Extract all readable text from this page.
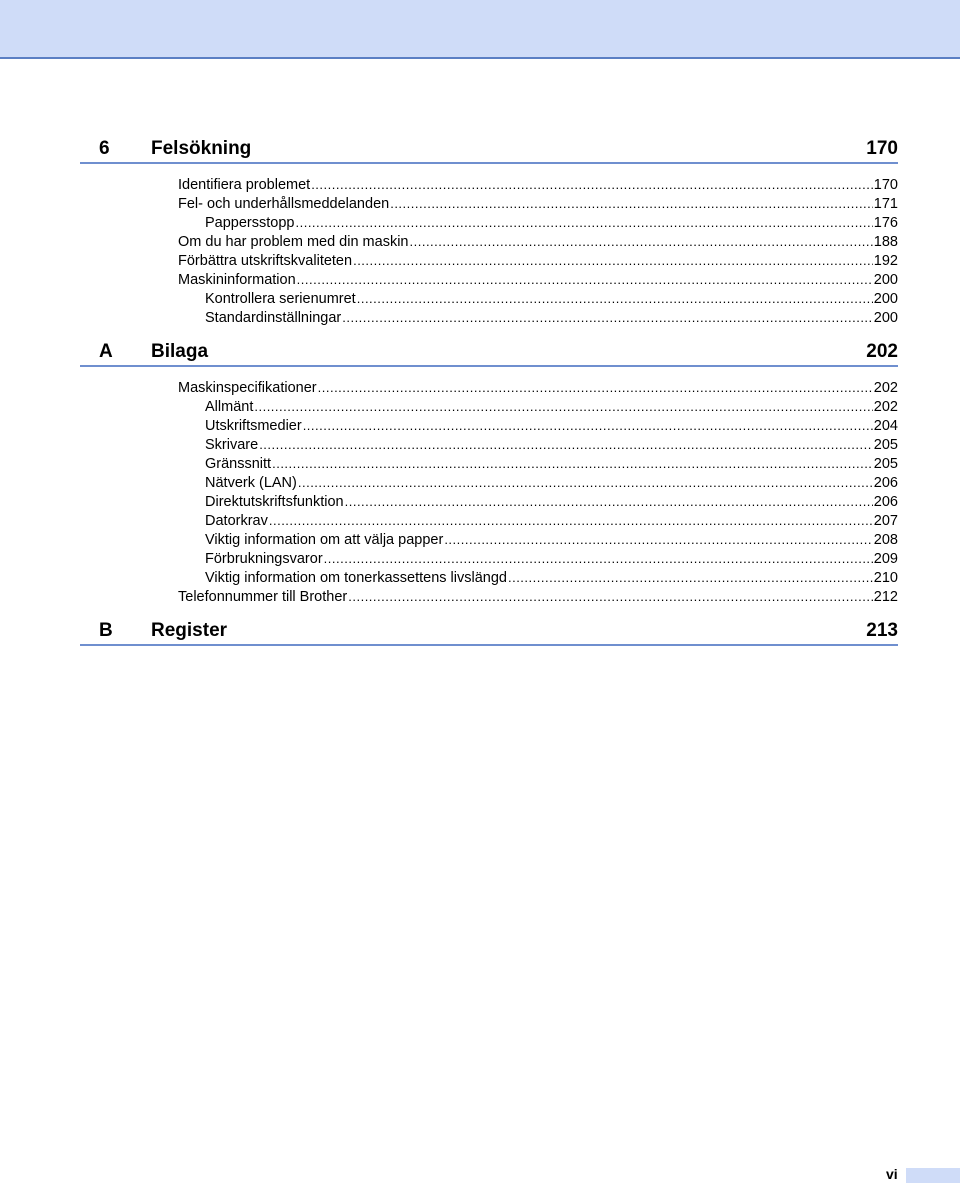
6 Felsökning	170
Identifiera problemet .....	170
Fel- och underhållsmeddelanden .....	171
Pappersstopp .....	176
Om du har problem med din maskin .....	188
Förbättra utskriftskvaliteten .....	192
Maskininformation .....	200
Kontrollera serienumret .....	200
Standardinställningar .....	200
A Bilaga	202
Maskinspecifikationer .....	202
Allmänt .....	202
Utskriftsmedier .....	204
Skrivare .....	205
Gränssnitt .....	205
Nätverk (LAN) .....	206
Direktutskriftsfunktion .....	206
Datorkrav .....	207
Viktig information om att välja papper .....	208
Förbrukningsvaror .....	209
Viktig information om tonerkassettens livslängd .....	210
Telefonnummer till Brother .....	212
B Register	213
vi
